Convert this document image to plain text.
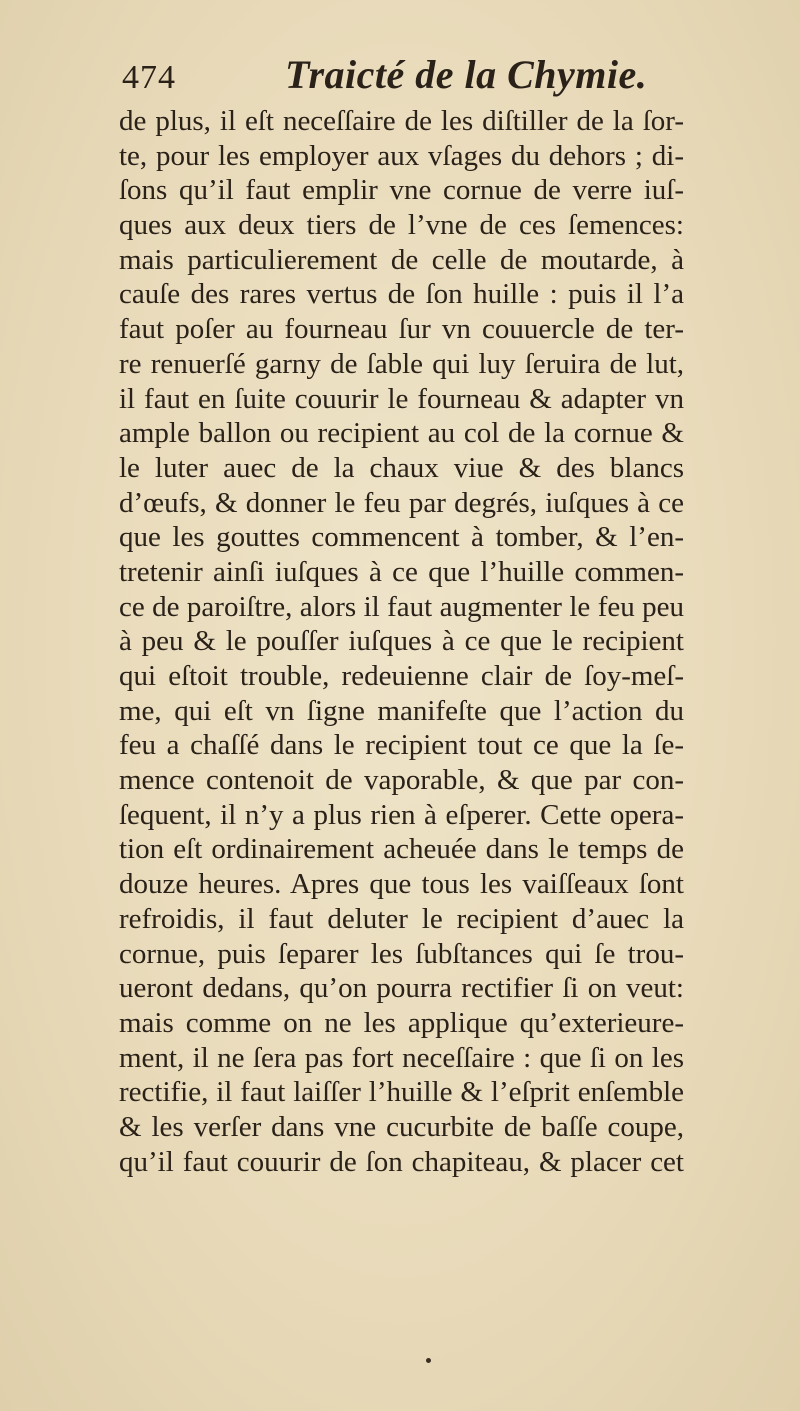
474	Traicté de la Chymie.
de plus, il eſt neceſſaire de les diſtiller de la ſor-
te, pour les employer aux vſages du dehors ; di-
ſons qu’il faut emplir vne cornue de verre iuſ-
ques aux deux tiers de l’vne de ces ſemences:
mais particulierement de celle de moutarde, à
cauſe des rares vertus de ſon huille : puis il l’a
faut poſer au fourneau ſur vn couuercle de ter-
re renuerſé garny de ſable qui luy ſeruira de lut,
il faut en ſuite couurir le fourneau & adapter vn
ample ballon ou recipient au col de la cornue &
le luter auec de la chaux viue & des blancs
d’œufs, & donner le feu par degrés, iuſques à ce
que les gouttes commencent à tomber, & l’en-
tretenir ainſi iuſques à ce que l’huille commen-
ce de paroiſtre, alors il faut augmenter le feu peu
à peu & le pouſſer iuſques à ce que le recipient
qui eſtoit trouble, redeuienne clair de ſoy-meſ-
me, qui eſt vn ſigne manifeſte que l’action du
feu a chaſſé dans le recipient tout ce que la ſe-
mence contenoit de vaporable, & que par con-
ſequent, il n’y a plus rien à eſperer. Cette opera-
tion eſt ordinairement acheuée dans le temps de
douze heures. Apres que tous les vaiſſeaux ſont
refroidis, il faut deluter le recipient d’auec la
cornue, puis ſeparer les ſubſtances qui ſe trou-
ueront dedans, qu’on pourra rectifier ſi on veut:
mais comme on ne les applique qu’exterieure-
ment, il ne ſera pas fort neceſſaire : que ſi on les
rectifie, il faut laiſſer l’huille & l’eſprit enſemble
& les verſer dans vne cucurbite de baſſe coupe,
qu’il faut couurir de ſon chapiteau, & placer cet
